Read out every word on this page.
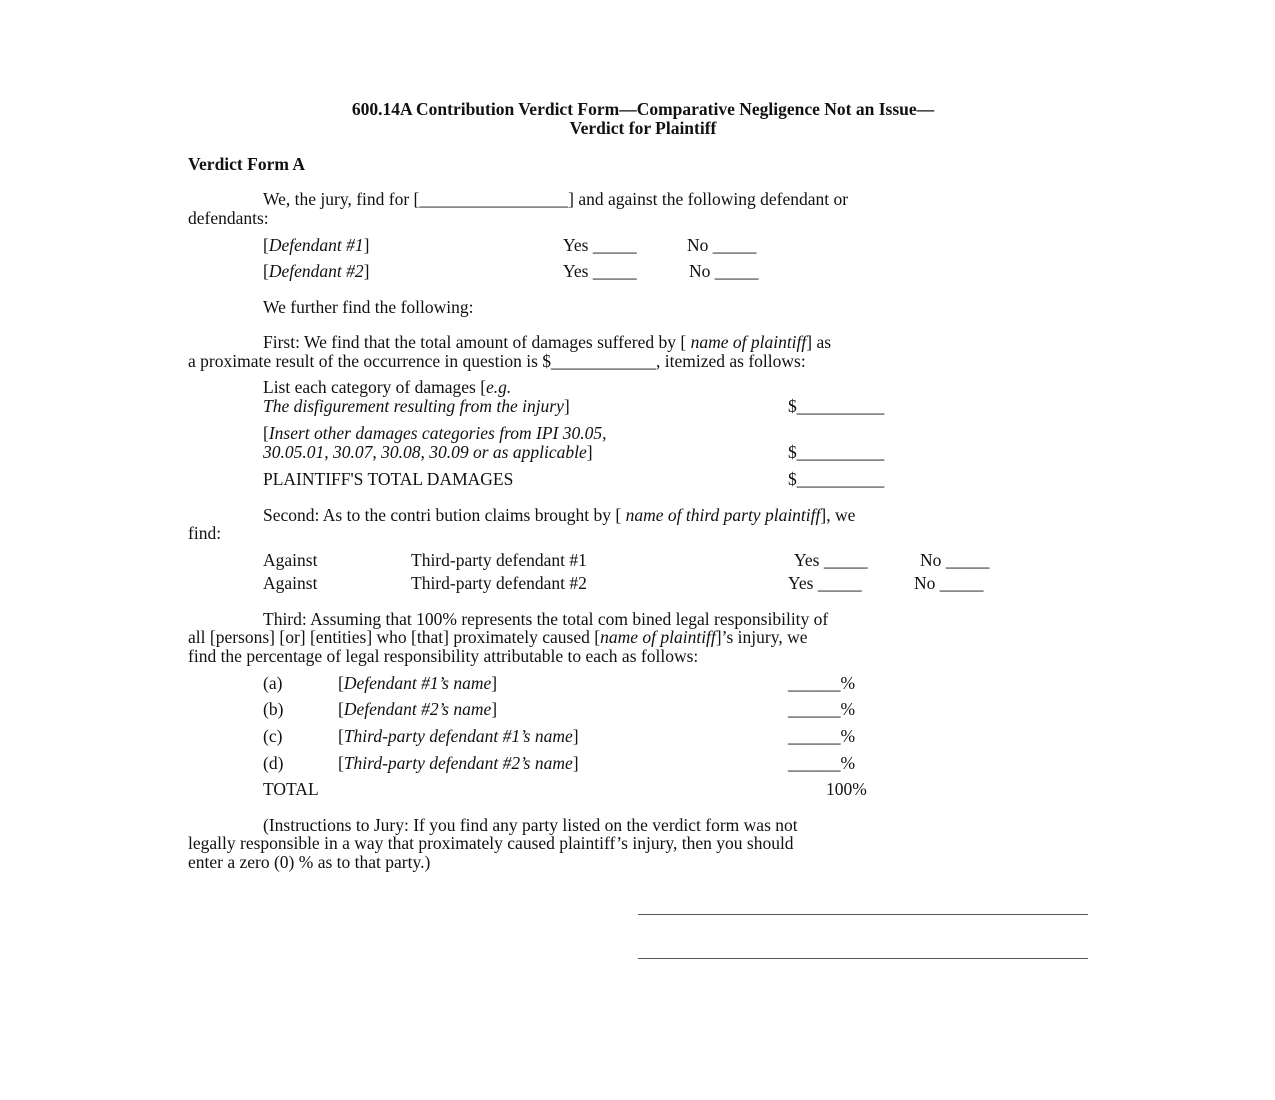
600.14A Contribution Verdict Form—Comparative Negligence Not an Issue—
Verdict for Plaintiff
Verdict Form A
We, the jury, find for [_________________] and against the following defendant or
defendants:
[Defendant #1]	Yes _____	No _____
[Defendant #2]	Yes _____	No _____
We further find the following:
First: We find that the total amount of damages suffered by [ name of plaintiff] as
a proximate result of the occurrence in question is $____________, itemized as follows:
List each category of damages [e.g.
The disfigurement resulting from the injury]	$__________
[Insert other damages categories from IPI 30.05,
30.05.01, 30.07, 30.08, 30.09 or as applicable]	$__________
PLAINTIFF'S TOTAL DAMAGES	$__________
Second: As to the contri bution claims brought by [ name of third party plaintiff], we
find:
Against	Third-party defendant #1	Yes _____	No _____
Against	Third-party defendant #2	Yes _____	No _____
Third: Assuming that 100% represents the total com bined legal responsibility of
all [persons] [or] [entities] who [that] proximately caused [name of plaintiff]’s injury, we
find the percentage of legal responsibility attributable to each as follows:
(a)	[Defendant #1’s name]	______%
(b)	[Defendant #2’s name]	______%
(c)	[Third-party defendant #1’s name]	______%
(d)	[Third-party defendant #2’s name]	______%
TOTAL	100%
(Instructions to Jury: If you find any party listed on the verdict form was not
legally responsible in a way that proximately caused plaintiff’s injury, then you should
enter a zero (0) % as to that party.)
